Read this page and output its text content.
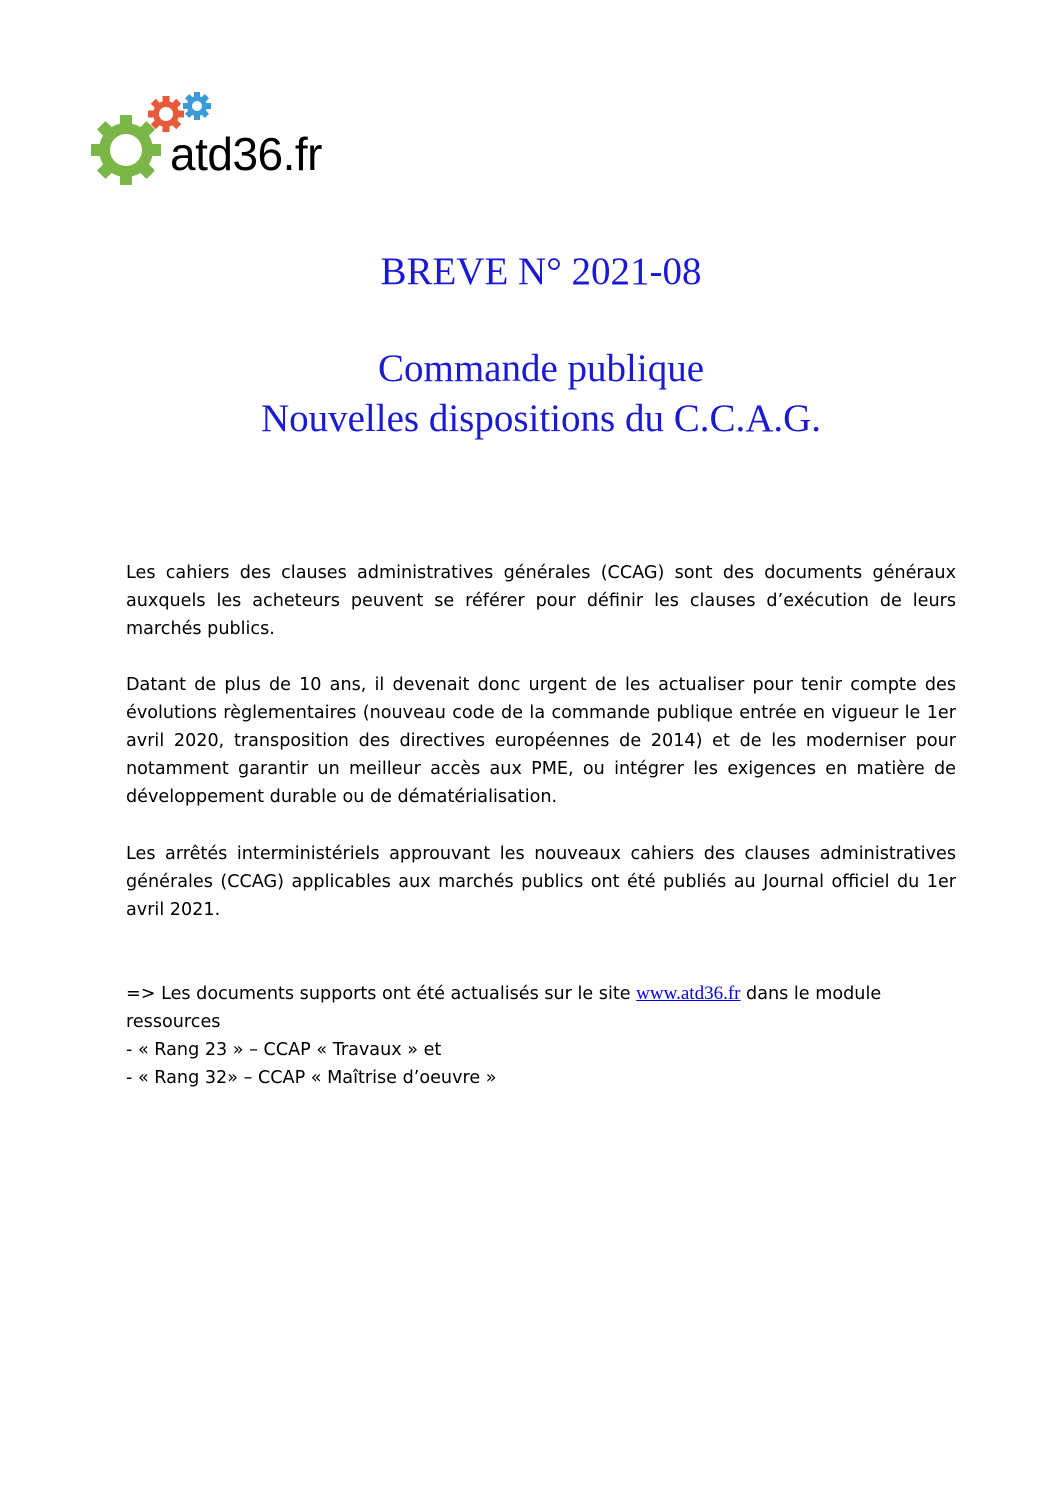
atd36.fr
BREVE N° 2021-08
Commande publique
Nouvelles dispositions du C.C.A.G.
Les cahiers des clauses administratives générales (CCAG) sont des documents généraux auxquels les acheteurs peuvent se référer pour définir les clauses d’exécution de leurs marchés publics.
Datant de plus de 10 ans, il devenait donc urgent de les actualiser pour tenir compte des évolutions règlementaires (nouveau code de la commande publique entrée en vigueur le 1er avril 2020, transposition des directives européennes de 2014) et de les moderniser pour notamment garantir un meilleur accès aux PME, ou intégrer les exigences en matière de développement durable ou de dématérialisation.
Les arrêtés interministériels approuvant les nouveaux cahiers des clauses administratives générales (CCAG) applicables aux marchés publics ont été publiés au Journal officiel du 1er avril 2021.
=> Les documents supports ont été actualisés sur le site www.atd36.fr dans le module ressources
- « Rang 23 » – CCAP « Travaux » et
- « Rang 32» – CCAP « Maîtrise d’oeuvre »
